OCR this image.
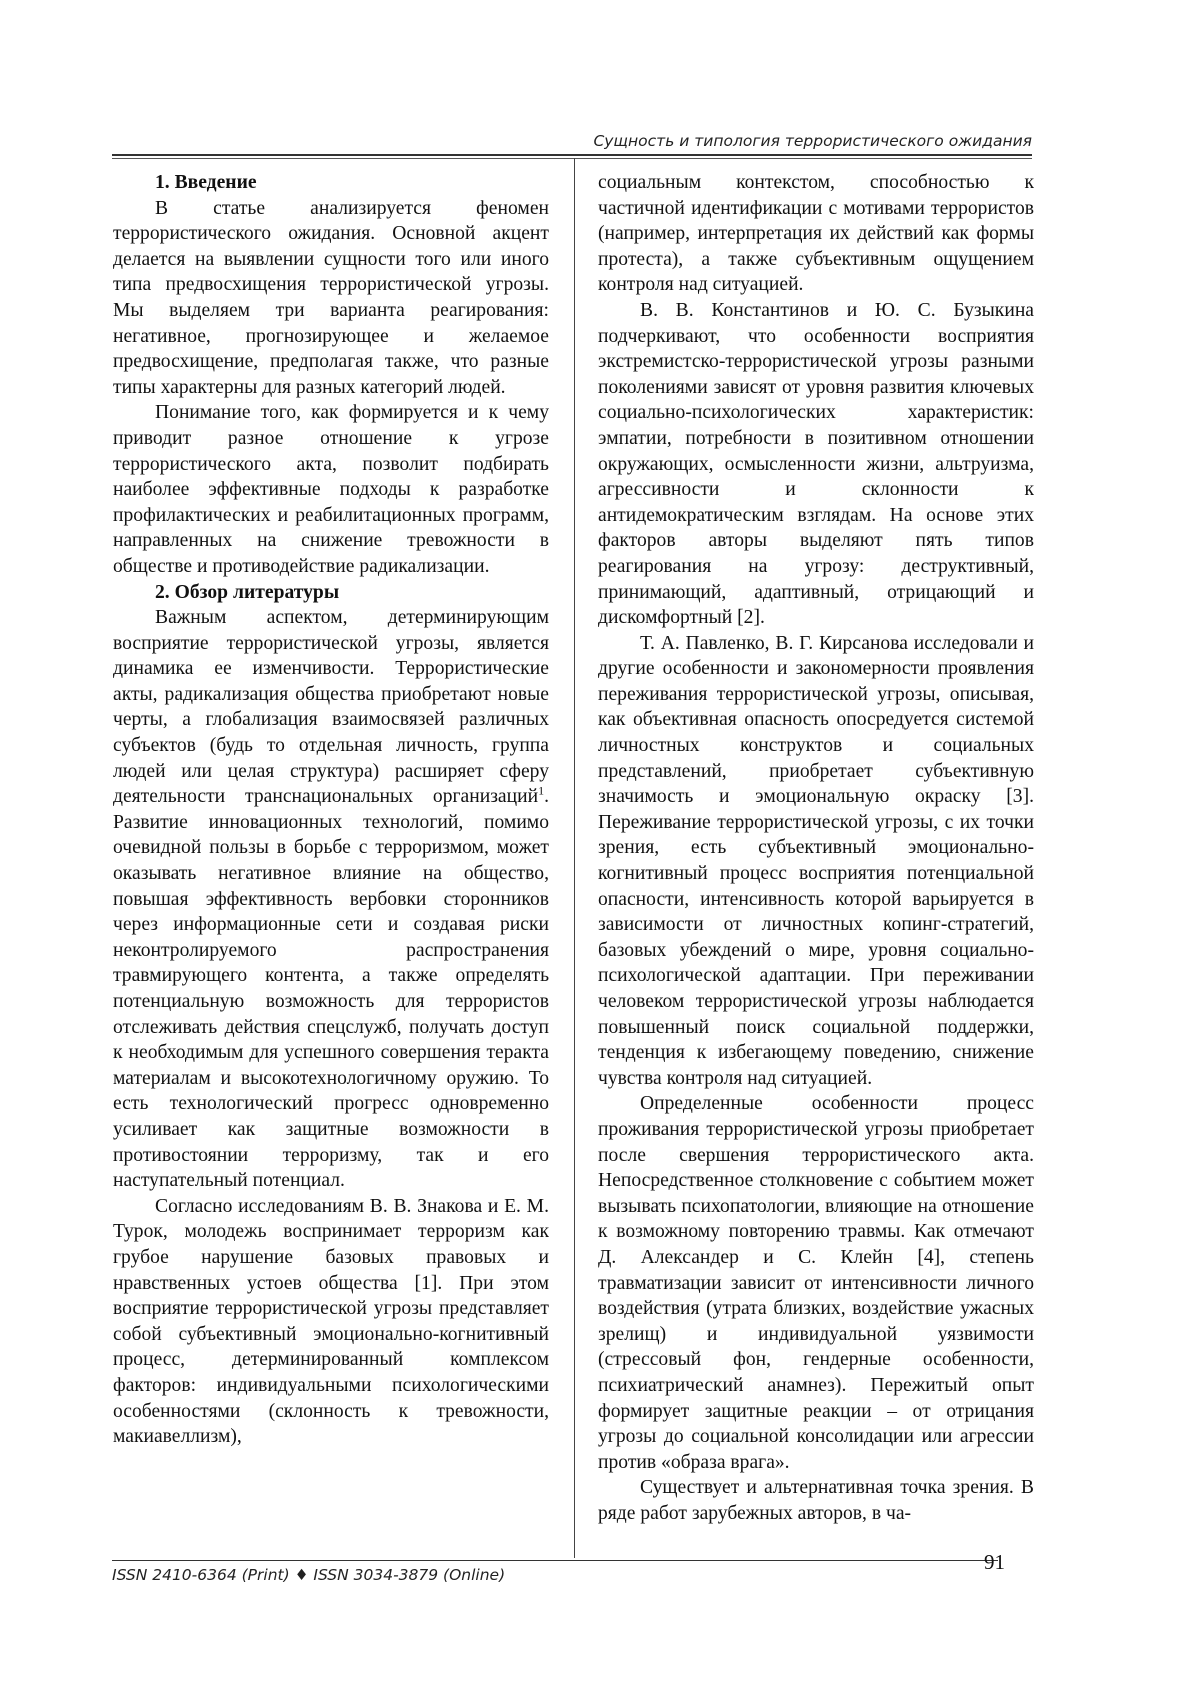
Сущность и типология террористического ожидания
1. Введение

В статье анализируется феномен террористического ожидания. Основной акцент делается на выявлении сущности того или иного типа предвосхищения террористической угрозы. Мы выделяем три варианта реагирования: негативное, прогнозирующее и желаемое предвосхищение, предполагая также, что разные типы характерны для разных категорий людей.

Понимание того, как формируется и к чему приводит разное отношение к угрозе террористического акта, позволит подбирать наиболее эффективные подходы к разработке профилактических и реабилитационных программ, направленных на снижение тревожности в обществе и противодействие радикализации.

2. Обзор литературы

Важным аспектом, детерминирующим восприятие террористической угрозы, является динамика ее изменчивости. Террористические акты, радикализация общества приобретают новые черты, а глобализация взаимосвязей различных субъектов (будь то отдельная личность, группа людей или целая структура) расширяет сферу деятельности транснациональных организаций$^1$. Развитие инновационных технологий, помимо очевидной пользы в борьбе с терроризмом, может оказывать негативное влияние на общество, повышая эффективность вербовки сторонников через информационные сети и создавая риски неконтролируемого распространения травмирующего контента, а также определять потенциальную возможность для террористов отслеживать действия спецслужб, получать доступ к необходимым для успешного совершения теракта материалам и высокотехнологичному оружию. То есть технологический прогресс одновременно усиливает как защитные возможности в противостоянии терроризму, так и его наступательный потенциал.

Согласно исследованиям В. В. Знакова и Е. М. Турок, молодежь воспринимает терроризм как грубое нарушение базовых правовых и нравственных устоев общества [1]. При этом восприятие террористической угрозы представляет собой субъективный эмоционально-когнитивный процесс, детерминированный комплексом факторов: индивидуальными психологическими особенностями (склонность к тревожности, макиавеллизм),

социальным контекстом, способностью к частичной идентификации с мотивами террористов (например, интерпретация их действий как формы протеста), а также субъективным ощущением контроля над ситуацией.

В. В. Константинов и Ю. С. Бузыкина подчеркивают, что особенности восприятия экстремистско-террористической угрозы разными поколениями зависят от уровня развития ключевых социально-психологических характеристик: эмпатии, потребности в позитивном отношении окружающих, осмысленности жизни, альтруизма, агрессивности и склонности к антидемократическим взглядам. На основе этих факторов авторы выделяют пять типов реагирования на угрозу: деструктивный, принимающий, адаптивный, отрицающий и дискомфортный [2].

Т. А. Павленко, В. Г. Кирсанова исследовали и другие особенности и закономерности проявления переживания террористической угрозы, описывая, как объективная опасность опосредуется системой личностных конструктов и социальных представлений, приобретает субъективную значимость и эмоциональную окраску [3]. Переживание террористической угрозы, с их точки зрения, есть субъективный эмоционально-когнитивный процесс восприятия потенциальной опасности, интенсивность которой варьируется в зависимости от личностных копинг-стратегий, базовых убеждений о мире, уровня социально-психологической адаптации. При переживании человеком террористической угрозы наблюдается повышенный поиск социальной поддержки, тенденция к избегающему поведению, снижение чувства контроля над ситуацией.

Определенные особенности процесс проживания террористической угрозы приобретает после свершения террористического акта. Непосредственное столкновение с событием может вызывать психопатологии, влияющие на отношение к возможному повторению травмы. Как отмечают Д. Александер и С. Клейн [4], степень травматизации зависит от интенсивности личного воздействия (утрата близких, воздействие ужасных зрелищ) и индивидуальной уязвимости (стрессовый фон, гендерные особенности, психиатрический анамнез). Пережитый опыт формирует защитные реакции – от отрицания угрозы до социальной консолидации или агрессии против «образа врага».

Существует и альтернативная точка зрения. В ряде работ зарубежных авторов, в ча-

ISSN 2410-6364 (Print) ♦ ISSN 3034-3879 (Online)
91
